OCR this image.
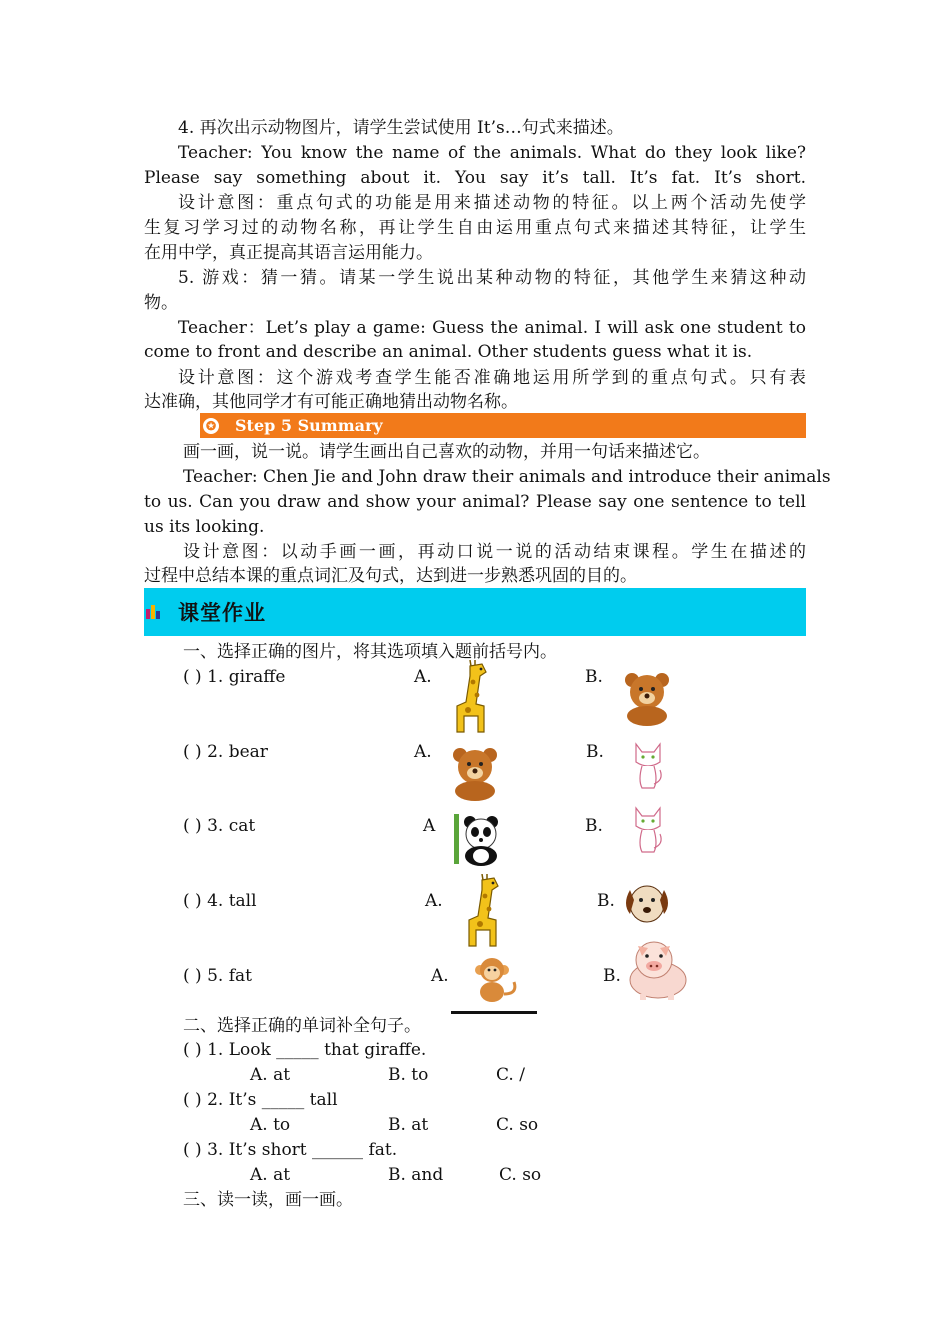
4. 再次出示动物图片，请学生尝试使用 It’s…句式来描述。
Teacher: You know the name of the animals. What do they look like?
Please say something about it. You say it’s tall. It’s fat. It’s short.
设计意图：重点句式的功能是用来描述动物的特征。以上两个活动先使学
生复习学习过的动物名称，再让学生自由运用重点句式来描述其特征，让学生
在用中学，真正提高其语言运用能力。
5. 游戏：猜一猜。请某一学生说出某种动物的特征，其他学生来猜这种动
物。
Teacher：Let’s play a game: Guess the animal. I will ask one student to
come to front and describe an animal. Other students guess what it is.
设计意图：这个游戏考查学生能否准确地运用所学到的重点句式。只有表
达准确，其他同学才有可能正确地猜出动物名称。
✪ Step 5 Summary
画一画，说一说。请学生画出自己喜欢的动物，并用一句话来描述它。
Teacher: Chen Jie and John draw their animals and introduce their animals
to us. Can you draw and show your animal? Please say one sentence to tell
us its looking.
设计意图：以动手画一画，再动口说一说的活动结束课程。学生在描述的
过程中总结本课的重点词汇及句式，达到进一步熟悉巩固的目的。
课堂作业
一、选择正确的图片，将其选项填入题前括号内。
( ) 1. giraffe	A.	B.
( ) 2. bear	A.	B.
( ) 3. cat	A	B.
( ) 4. tall	A.	B.
( ) 5. fat	A.	B.
二、选择正确的单词补全句子。
( ) 1. Look _____ that giraffe.
A. at	B. to	C. /
( ) 2. It’s _____ tall
A. to	B. at	C. so
( ) 3. It’s short ______ fat.
A. at	B. and	C. so
三、读一读，画一画。
